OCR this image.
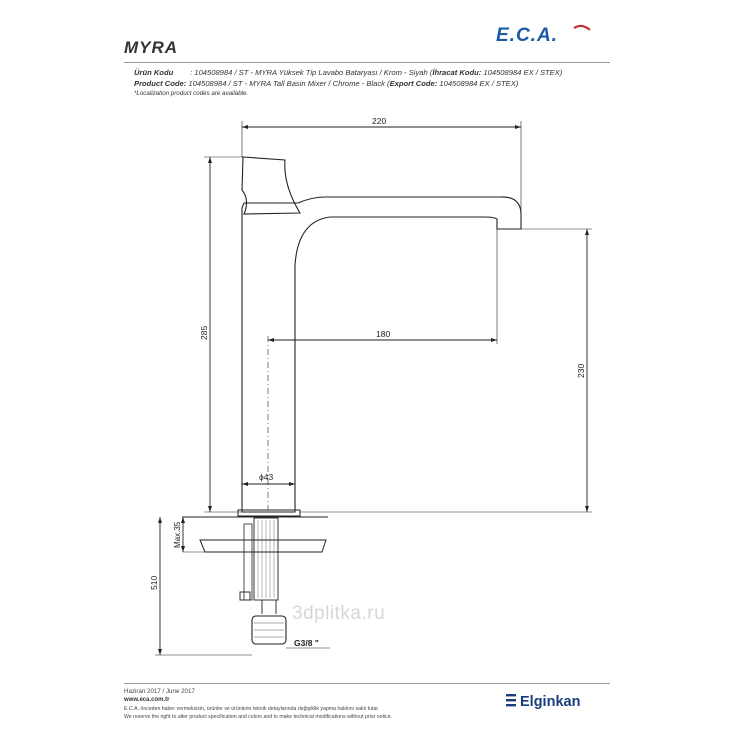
E.C.A.
MYRA
Ürün Kodu : 104508984 / ST - MYRA Yüksek Tip Lavabo Bataryası / Krom - Siyah (İhracat Kodu: 104508984 EX / STEX)
Product Code: 104508984 / ST - MYRA Tall Basin Mixer / Chrome - Black (Export Code: 104508984 EX / STEX)
*Localization product codes are available.
220
180
285
230
ϕ43
510
Max.35
G3/8 "
3dplitka.ru
Haziran 2017 / June 2017
www.eca.com.tr
E.C.A. önceden haber vermeksizin, ürünler ve ürünlerin teknik detaylarında değişiklik yapma hakkını saklı tutar.
We reserve the right to alter product specification and colors and to make technical modifications without prior notice.
Elginkan
